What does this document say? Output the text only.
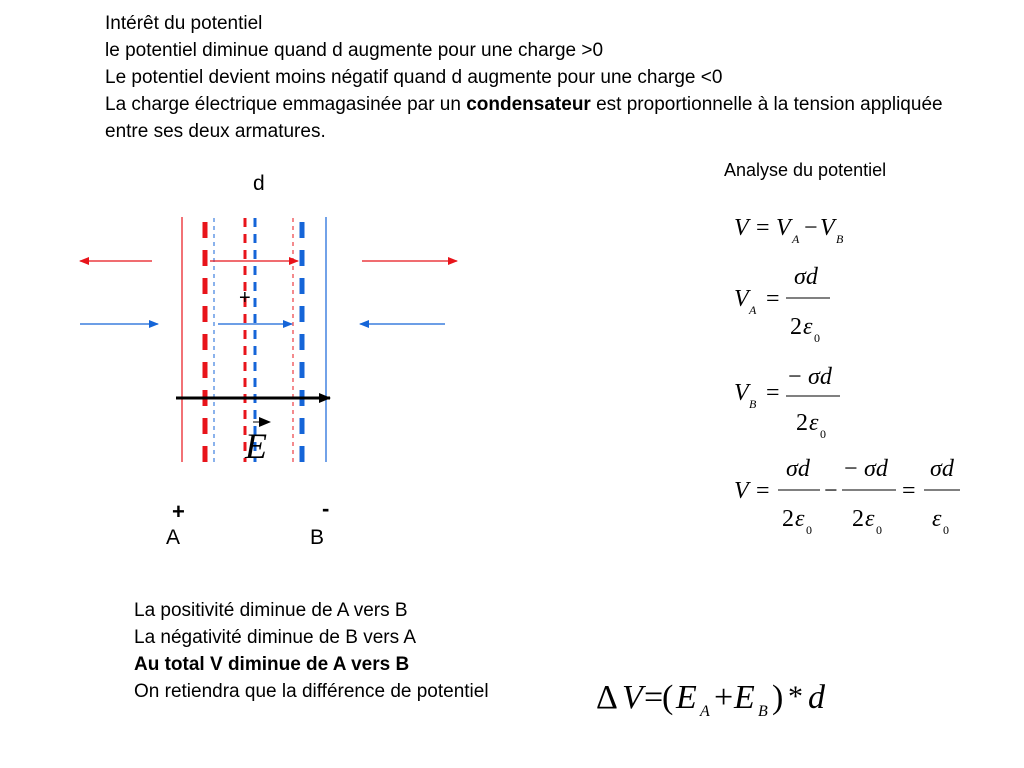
Intérêt du potentiel

le potentiel diminue quand d augmente pour une charge >0

Le potentiel devient moins négatif quand d augmente pour une charge <0

La charge électrique emmagasinée par un condensateur est proportionnelle à la tension appliquée entre ses deux armatures.

Analyse du potentiel
d
+
E
+	-
A	B
V = V A − V B
V A =
σd
2 ε 0
V B =
− σd
2 ε 0
V =
σd
2 ε 0
−
− σd
2 ε 0
=
σd
ε 0

La positivité diminue de A vers B

La négativité diminue de B vers A

Au total V diminue de A vers B

On retiendra que la différence de potentiel	Δ V = ( E A + E B ) * d
ΔV=(E_A+E_B)*d
